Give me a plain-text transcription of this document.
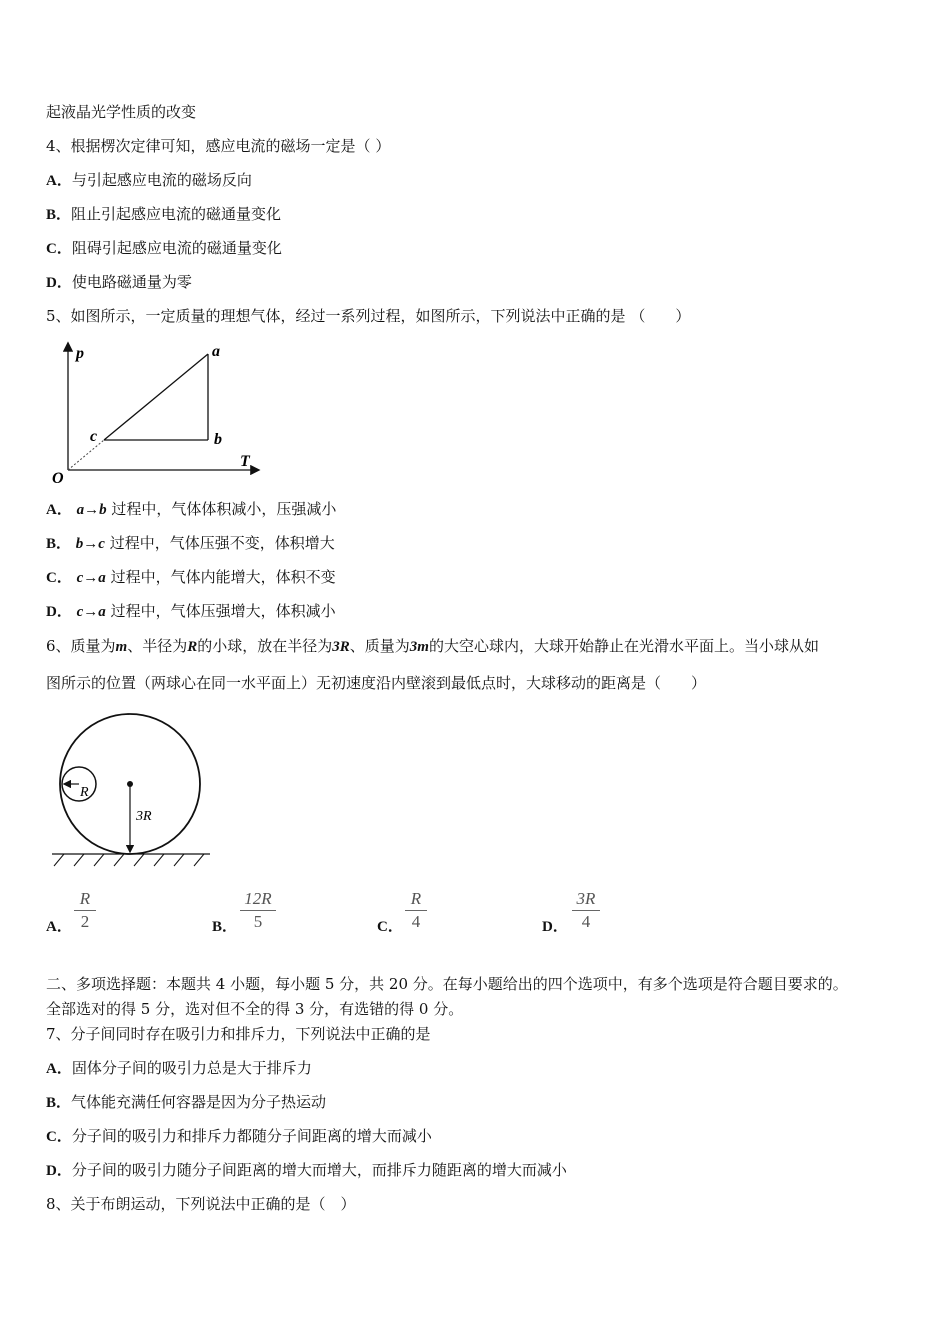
起液晶光学性质的改变
4、根据楞次定律可知，感应电流的磁场一定是（ ）
A．与引起感应电流的磁场反向
B．阻止引起感应电流的磁通量变化
C．阻碍引起感应电流的磁通量变化
D．使电路磁通量为零
5、如图所示，一定质量的理想气体，经过一系列过程，如图所示，下列说法中正确的是 （　　）
p
T
O
a
b
c
A． a→b 过程中，气体体积减小，压强减小
B． b→c 过程中，气体压强不变，体积增大
C． c→a 过程中，气体内能增大，体积不变
D． c→a 过程中，气体压强增大，体积减小
6、质量为m、半径为R的小球，放在半径为3R、质量为3m的大空心球内，大球开始静止在光滑水平面上。当小球从如
图所示的位置（两球心在同一水平面上）无初速度沿内壁滚到最低点时，大球移动的距离是（　　）
R
3R
A．
R
2	B．
12R
5	C．
R
4	D．
3R
4
二、多项选择题：本题共 4 小题，每小题 5 分，共 20 分。在每小题给出的四个选项中，有多个选项是符合题目要求的。
全部选对的得 5 分，选对但不全的得 3 分，有选错的得 0 分。
7、分子间同时存在吸引力和排斥力，下列说法中正确的是
A．固体分子间的吸引力总是大于排斥力
B．气体能充满任何容器是因为分子热运动
C．分子间的吸引力和排斥力都随分子间距离的增大而减小
D．分子间的吸引力随分子间距离的增大而增大，而排斥力随距离的增大而减小
8、关于布朗运动，下列说法中正确的是（　）
